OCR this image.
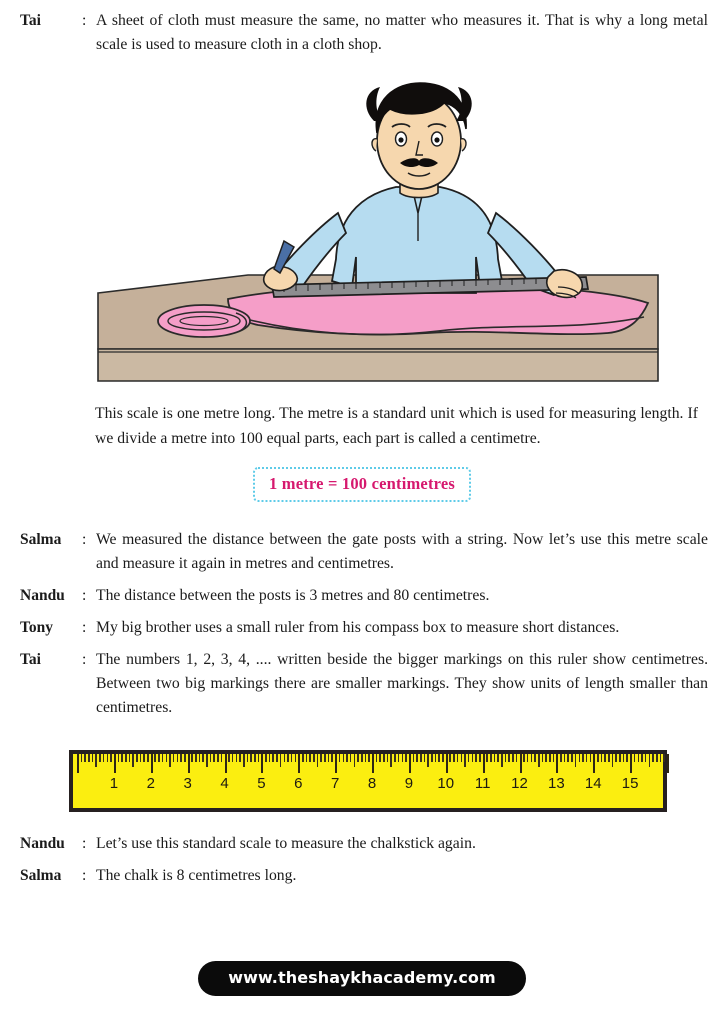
Tai	: A sheet of cloth must measure the same, no matter who measures it. That is why a long metal scale is used to measure cloth in a cloth shop.

This scale is one metre long. The metre is a standard unit which is used for measuring length. If we divide a metre into 100 equal parts, each part is called a centimetre.

1 metre = 100 centimetres
Salma	: We measured the distance between the gate posts with a string. Now let’s use this metre scale and measure it again in metres and centimetres.
Nandu	: The distance between the posts is 3 metres and 80 centimetres.
Tony	: My big brother uses a small ruler from his compass box to measure short distances.
Tai	: The numbers 1, 2, 3, 4, .... written beside the bigger markings on this ruler show centimetres. Between two big markings there are smaller markings. They show units of length smaller than centimetres.
1 2 3 4 5 6 7 8 9 10 11 12 13 14 15
Nandu	: Let’s use this standard scale to measure the chalkstick again.
Salma	: The chalk is 8 centimetres long.
www.theshaykhacademy.com
